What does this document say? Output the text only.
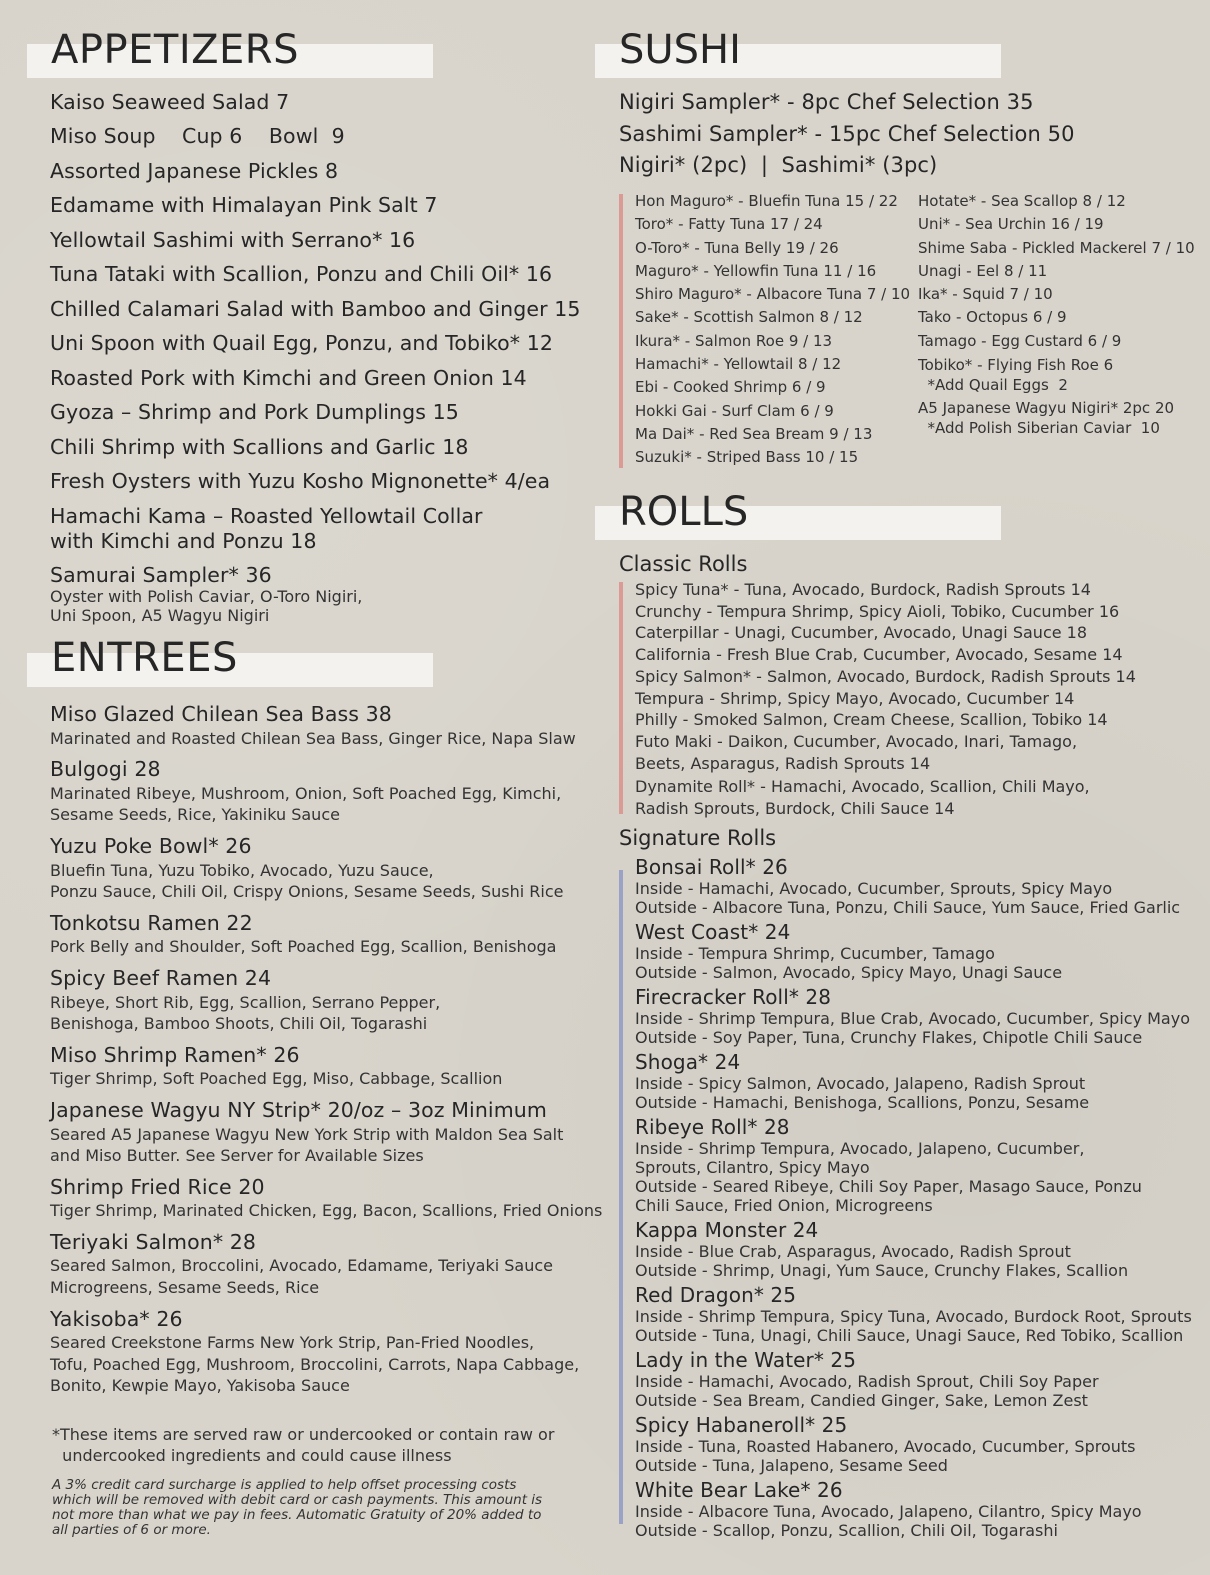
APPETIZERS
Kaiso Seaweed Salad 7
Miso Soup    Cup 6    Bowl  9
Assorted Japanese Pickles 8
Edamame with Himalayan Pink Salt 7
Yellowtail Sashimi with Serrano* 16
Tuna Tataki with Scallion, Ponzu and Chili Oil* 16
Chilled Calamari Salad with Bamboo and Ginger 15
Uni Spoon with Quail Egg, Ponzu, and Tobiko* 12
Roasted Pork with Kimchi and Green Onion 14
Gyoza – Shrimp and Pork Dumplings 15
Chili Shrimp with Scallions and Garlic 18
Fresh Oysters with Yuzu Kosho Mignonette* 4/ea
Hamachi Kama – Roasted Yellowtail Collar
with Kimchi and Ponzu 18
Samurai Sampler* 36
Oyster with Polish Caviar, O-Toro Nigiri,
Uni Spoon, A5 Wagyu Nigiri
ENTREES
Miso Glazed Chilean Sea Bass 38
Marinated and Roasted Chilean Sea Bass, Ginger Rice, Napa Slaw
Bulgogi 28
Marinated Ribeye, Mushroom, Onion, Soft Poached Egg, Kimchi,
Sesame Seeds, Rice, Yakiniku Sauce
Yuzu Poke Bowl* 26
Bluefin Tuna, Yuzu Tobiko, Avocado, Yuzu Sauce,
Ponzu Sauce, Chili Oil, Crispy Onions, Sesame Seeds, Sushi Rice
Tonkotsu Ramen 22
Pork Belly and Shoulder, Soft Poached Egg, Scallion, Benishoga
Spicy Beef Ramen 24
Ribeye, Short Rib, Egg, Scallion, Serrano Pepper,
Benishoga, Bamboo Shoots, Chili Oil, Togarashi
Miso Shrimp Ramen* 26
Tiger Shrimp, Soft Poached Egg, Miso, Cabbage, Scallion
Japanese Wagyu NY Strip* 20/oz – 3oz Minimum
Seared A5 Japanese Wagyu New York Strip with Maldon Sea Salt
and Miso Butter. See Server for Available Sizes
Shrimp Fried Rice 20
Tiger Shrimp, Marinated Chicken, Egg, Bacon, Scallions, Fried Onions
Teriyaki Salmon* 28
Seared Salmon, Broccolini, Avocado, Edamame, Teriyaki Sauce
Microgreens, Sesame Seeds, Rice
Yakisoba* 26
Seared Creekstone Farms New York Strip, Pan-Fried Noodles,
Tofu, Poached Egg, Mushroom, Broccolini, Carrots, Napa Cabbage,
Bonito, Kewpie Mayo, Yakisoba Sauce
*These items are served raw or undercooked or contain raw or
undercooked ingredients and could cause illness
A 3% credit card surcharge is applied to help offset processing costs
which will be removed with debit card or cash payments. This amount is
not more than what we pay in fees. Automatic Gratuity of 20% added to
all parties of 6 or more.
SUSHI
Nigiri Sampler* - 8pc Chef Selection 35
Sashimi Sampler* - 15pc Chef Selection 50
Nigiri* (2pc)  |  Sashimi* (3pc)
Hon Maguro* - Bluefin Tuna 15 / 22
Toro* - Fatty Tuna 17 / 24
O-Toro* - Tuna Belly 19 / 26
Maguro* - Yellowfin Tuna 11 / 16
Shiro Maguro* - Albacore Tuna 7 / 10
Sake* - Scottish Salmon 8 / 12
Ikura* - Salmon Roe 9 / 13
Hamachi* - Yellowtail 8 / 12
Ebi - Cooked Shrimp 6 / 9
Hokki Gai - Surf Clam 6 / 9
Ma Dai* - Red Sea Bream 9 / 13
Suzuki* - Striped Bass 10 / 15
Hotate* - Sea Scallop 8 / 12
Uni* - Sea Urchin 16 / 19
Shime Saba - Pickled Mackerel 7 / 10
Unagi - Eel 8 / 11
Ika* - Squid 7 / 10
Tako - Octopus 6 / 9
Tamago - Egg Custard 6 / 9
Tobiko* - Flying Fish Roe 6
*Add Quail Eggs  2
A5 Japanese Wagyu Nigiri* 2pc 20
*Add Polish Siberian Caviar  10
ROLLS
Classic Rolls
Spicy Tuna* - Tuna, Avocado, Burdock, Radish Sprouts 14
Crunchy - Tempura Shrimp, Spicy Aioli, Tobiko, Cucumber 16
Caterpillar - Unagi, Cucumber, Avocado, Unagi Sauce 18
California - Fresh Blue Crab, Cucumber, Avocado, Sesame 14
Spicy Salmon* - Salmon, Avocado, Burdock, Radish Sprouts 14
Tempura - Shrimp, Spicy Mayo, Avocado, Cucumber 14
Philly - Smoked Salmon, Cream Cheese, Scallion, Tobiko 14
Futo Maki - Daikon, Cucumber, Avocado, Inari, Tamago,
Beets, Asparagus, Radish Sprouts 14
Dynamite Roll* - Hamachi, Avocado, Scallion, Chili Mayo,
Radish Sprouts, Burdock, Chili Sauce 14
Signature Rolls
Bonsai Roll* 26
Inside - Hamachi, Avocado, Cucumber, Sprouts, Spicy Mayo
Outside - Albacore Tuna, Ponzu, Chili Sauce, Yum Sauce, Fried Garlic
West Coast* 24
Inside - Tempura Shrimp, Cucumber, Tamago
Outside - Salmon, Avocado, Spicy Mayo, Unagi Sauce
Firecracker Roll* 28
Inside - Shrimp Tempura, Blue Crab, Avocado, Cucumber, Spicy Mayo
Outside - Soy Paper, Tuna, Crunchy Flakes, Chipotle Chili Sauce
Shoga* 24
Inside - Spicy Salmon, Avocado, Jalapeno, Radish Sprout
Outside - Hamachi, Benishoga, Scallions, Ponzu, Sesame
Ribeye Roll* 28
Inside - Shrimp Tempura, Avocado, Jalapeno, Cucumber,
Sprouts, Cilantro, Spicy Mayo
Outside - Seared Ribeye, Chili Soy Paper, Masago Sauce, Ponzu
Chili Sauce, Fried Onion, Microgreens
Kappa Monster 24
Inside - Blue Crab, Asparagus, Avocado, Radish Sprout
Outside - Shrimp, Unagi, Yum Sauce, Crunchy Flakes, Scallion
Red Dragon* 25
Inside - Shrimp Tempura, Spicy Tuna, Avocado, Burdock Root, Sprouts
Outside - Tuna, Unagi, Chili Sauce, Unagi Sauce, Red Tobiko, Scallion
Lady in the Water* 25
Inside - Hamachi, Avocado, Radish Sprout, Chili Soy Paper
Outside - Sea Bream, Candied Ginger, Sake, Lemon Zest
Spicy Habaneroll* 25
Inside - Tuna, Roasted Habanero, Avocado, Cucumber, Sprouts
Outside - Tuna, Jalapeno, Sesame Seed
White Bear Lake* 26
Inside - Albacore Tuna, Avocado, Jalapeno, Cilantro, Spicy Mayo
Outside - Scallop, Ponzu, Scallion, Chili Oil, Togarashi
